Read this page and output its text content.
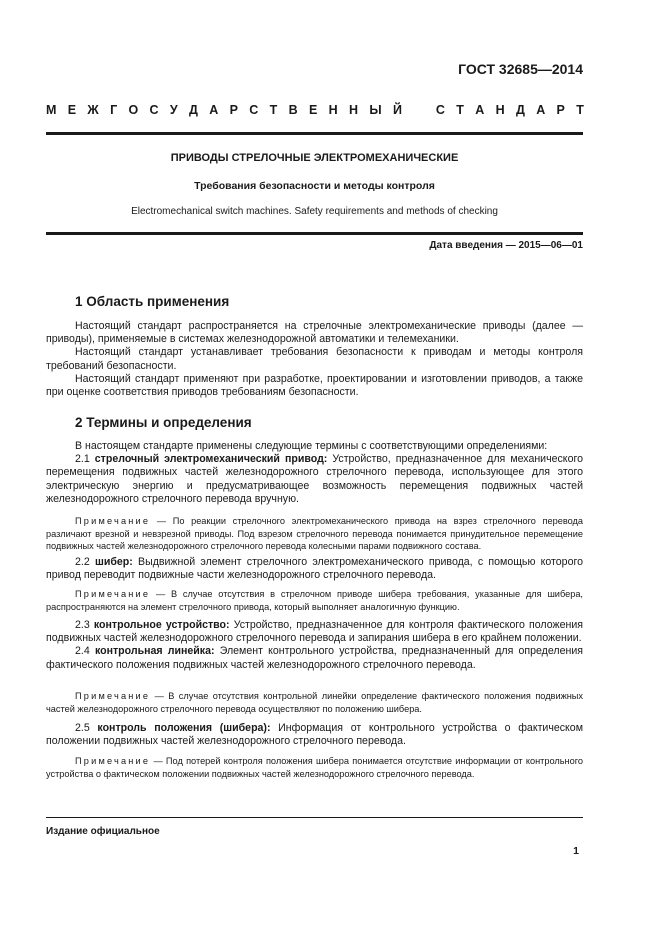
ГОСТ 32685—2014
М Е Ж Г О С У Д А Р С Т В Е Н Н Ы Й	С Т А Н Д А Р Т
ПРИВОДЫ СТРЕЛОЧНЫЕ ЭЛЕКТРОМЕХАНИЧЕСКИЕ
Требования безопасности и методы контроля
Electromechanical switch machines. Safety requirements and methods of checking
Дата введения — 2015—06—01
1 Область применения

Настоящий стандарт распространяется на стрелочные электромеханические приводы (далее — приводы), применяемые в системах железнодорожной автоматики и телемеханики.

Настоящий стандарт устанавливает требования безопасности к приводам и методы контроля требований безопасности.

Настоящий стандарт применяют при разработке, проектировании и изготовлении приводов, а также при оценке соответствия приводов требованиям безопасности.

2 Термины и определения

В настоящем стандарте применены следующие термины с соответствующими определениями:

2.1 стрелочный электромеханический привод: Устройство, предназначенное для механического перемещения подвижных частей железнодорожного стрелочного перевода, использующее для этого электрическую энергию и предусматривающее возможность перемещения подвижных частей железнодорожного стрелочного перевода вручную.

Примечание — По реакции стрелочного электромеханического привода на взрез стрелочного перевода различают врезной и невзрезной приводы. Под взрезом стрелочного перевода понимается принудительное перемещение подвижных частей железнодорожного стрелочного перевода колесными парами подвижного состава.

2.2 шибер: Выдвижной элемент стрелочного электромеханического привода, с помощью которого привод переводит подвижные части железнодорожного стрелочного перевода.

Примечание — В случае отсутствия в стрелочном приводе шибера требования, указанные для шибера, распространяются на элемент стрелочного привода, который выполняет аналогичную функцию.

2.3 контрольное устройство: Устройство, предназначенное для контроля фактического положения подвижных частей железнодорожного стрелочного перевода и запирания шибера в его крайнем положении.

2.4 контрольная линейка: Элемент контрольного устройства, предназначенный для определения фактического положения подвижных частей железнодорожного стрелочного перевода.

Примечание — В случае отсутствия контрольной линейки определение фактического положения подвижных частей железнодорожного стрелочного перевода осуществляют по положению шибера.

2.5 контроль положения (шибера): Информация от контрольного устройства о фактическом положении подвижных частей железнодорожного стрелочного перевода.

Примечание — Под потерей контроля положения шибера понимается отсутствие информации от контрольного устройства о фактическом положении подвижных частей железнодорожного стрелочного перевода.

Издание официальное
1
